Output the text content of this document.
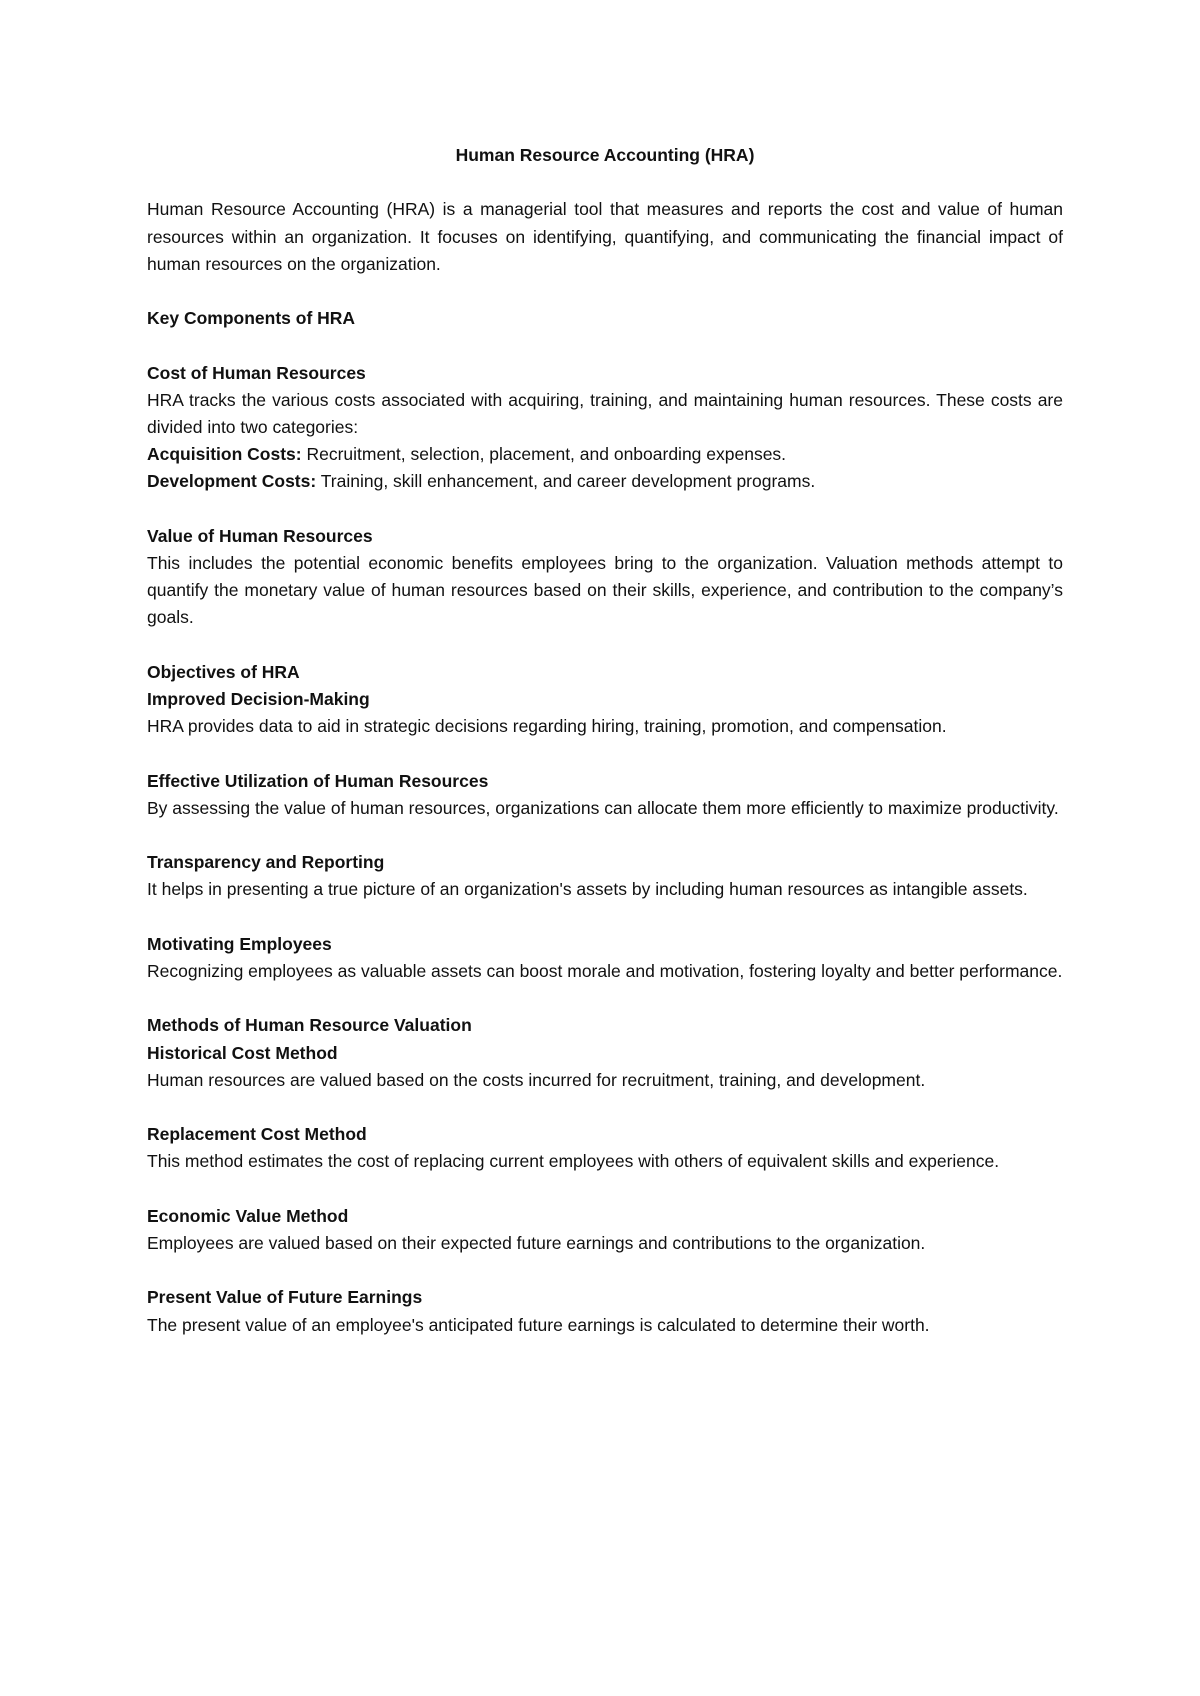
Human Resource Accounting (HRA)

Human Resource Accounting (HRA) is a managerial tool that measures and reports the cost and value of human resources within an organization. It focuses on identifying, quantifying, and communicating the financial impact of human resources on the organization.

Key Components of HRA

Cost of Human Resources

HRA tracks the various costs associated with acquiring, training, and maintaining human resources. These costs are divided into two categories:

Acquisition Costs: Recruitment, selection, placement, and onboarding expenses.

Development Costs: Training, skill enhancement, and career development programs.

Value of Human Resources

This includes the potential economic benefits employees bring to the organization. Valuation methods attempt to quantify the monetary value of human resources based on their skills, experience, and contribution to the company’s goals.

Objectives of HRA

Improved Decision-Making

HRA provides data to aid in strategic decisions regarding hiring, training, promotion, and compensation.

Effective Utilization of Human Resources

By assessing the value of human resources, organizations can allocate them more efficiently to maximize productivity.

Transparency and Reporting

It helps in presenting a true picture of an organization's assets by including human resources as intangible assets.

Motivating Employees

Recognizing employees as valuable assets can boost morale and motivation, fostering loyalty and better performance.

Methods of Human Resource Valuation

Historical Cost Method

Human resources are valued based on the costs incurred for recruitment, training, and development.

Replacement Cost Method

This method estimates the cost of replacing current employees with others of equivalent skills and experience.

Economic Value Method

Employees are valued based on their expected future earnings and contributions to the organization.

Present Value of Future Earnings

The present value of an employee's anticipated future earnings is calculated to determine their worth.
